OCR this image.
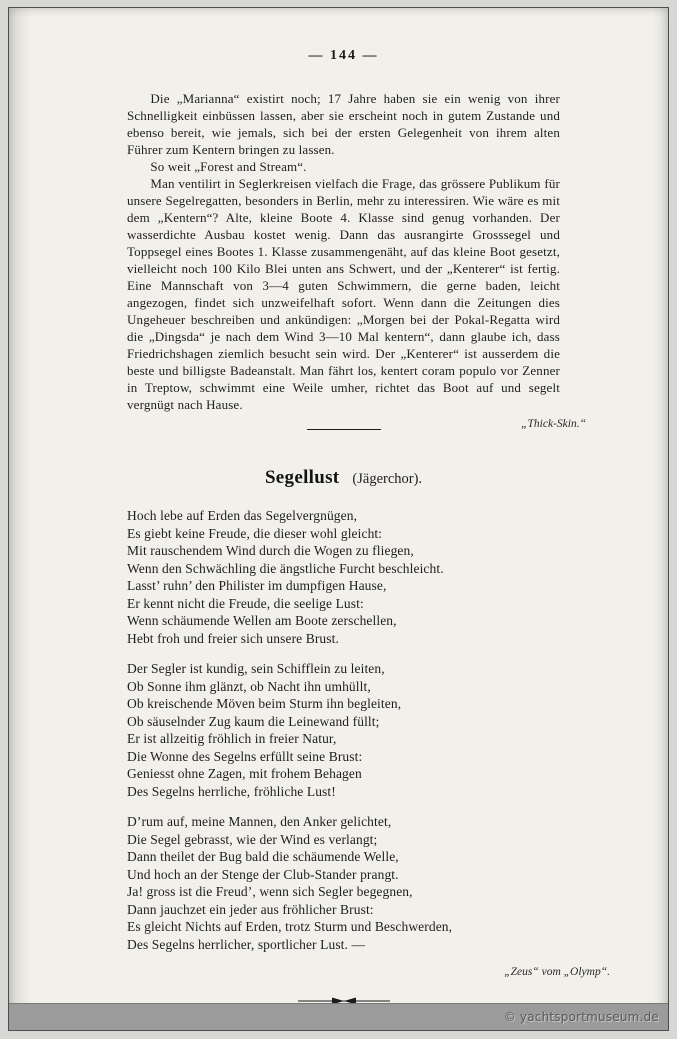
— 144 —

Die „Marianna“ existirt noch; 17 Jahre haben sie ein wenig von ihrer Schnelligkeit einbüssen lassen, aber sie erscheint noch in gutem Zustande und ebenso bereit, wie jemals, sich bei der ersten Gelegenheit von ihrem alten Führer zum Kentern bringen zu lassen.

So weit „Forest and Stream“.

Man ventilirt in Seglerkreisen vielfach die Frage, das grössere Publikum für unsere Segelregatten, besonders in Berlin, mehr zu interessiren. Wie wäre es mit dem „Kentern“? Alte, kleine Boote 4. Klasse sind genug vorhanden. Der wasserdichte Ausbau kostet wenig. Dann das ausrangirte Grosssegel und Toppsegel eines Bootes 1. Klasse zusammengenäht, auf das kleine Boot gesetzt, vielleicht noch 100 Kilo Blei unten ans Schwert, und der „Kenterer“ ist fertig. Eine Mannschaft von 3—4 guten Schwimmern, die gerne baden, leicht angezogen, findet sich unzweifelhaft sofort. Wenn dann die Zeitungen dies Ungeheuer beschreiben und ankündigen: „Morgen bei der Pokal-Regatta wird die „Dingsda“ je nach dem Wind 3—10 Mal kentern“, dann glaube ich, dass Friedrichshagen ziemlich besucht sein wird. Der „Kenterer“ ist ausserdem die beste und billigste Badeanstalt. Man fährt los, kentert coram populo vor Zenner in Treptow, schwimmt eine Weile umher, richtet das Boot auf und segelt vergnügt nach Hause.

„Thick-Skin.“
Segellust (Jägerchor).
Hoch lebe auf Erden das Segelvergnügen,
Es giebt keine Freude, die dieser wohl gleicht:
Mit rauschendem Wind durch die Wogen zu fliegen,
Wenn den Schwächling die ängstliche Furcht beschleicht.
Lasst’ ruhn’ den Philister im dumpfigen Hause,
Er kennt nicht die Freude, die seelige Lust:
Wenn schäumende Wellen am Boote zerschellen,
Hebt froh und freier sich unsere Brust.
Der Segler ist kundig, sein Schifflein zu leiten,
Ob Sonne ihm glänzt, ob Nacht ihn umhüllt,
Ob kreischende Möven beim Sturm ihn begleiten,
Ob säuselnder Zug kaum die Leinewand füllt;
Er ist allzeitig fröhlich in freier Natur,
Die Wonne des Segelns erfüllt seine Brust:
Geniesst ohne Zagen, mit frohem Behagen
Des Segelns herrliche, fröhliche Lust!
D’rum auf, meine Mannen, den Anker gelichtet,
Die Segel gebrasst, wie der Wind es verlangt;
Dann theilet der Bug bald die schäumende Welle,
Und hoch an der Stenge der Club-Stander prangt.
Ja! gross ist die Freud’, wenn sich Segler begegnen,
Dann jauchzet ein jeder aus fröhlicher Brust:
Es gleicht Nichts auf Erden, trotz Sturm und Beschwerden,
Des Segelns herrlicher, sportlicher Lust. —
„Zeus“ vom „Olymp“.
© yachtsportmuseum.de
